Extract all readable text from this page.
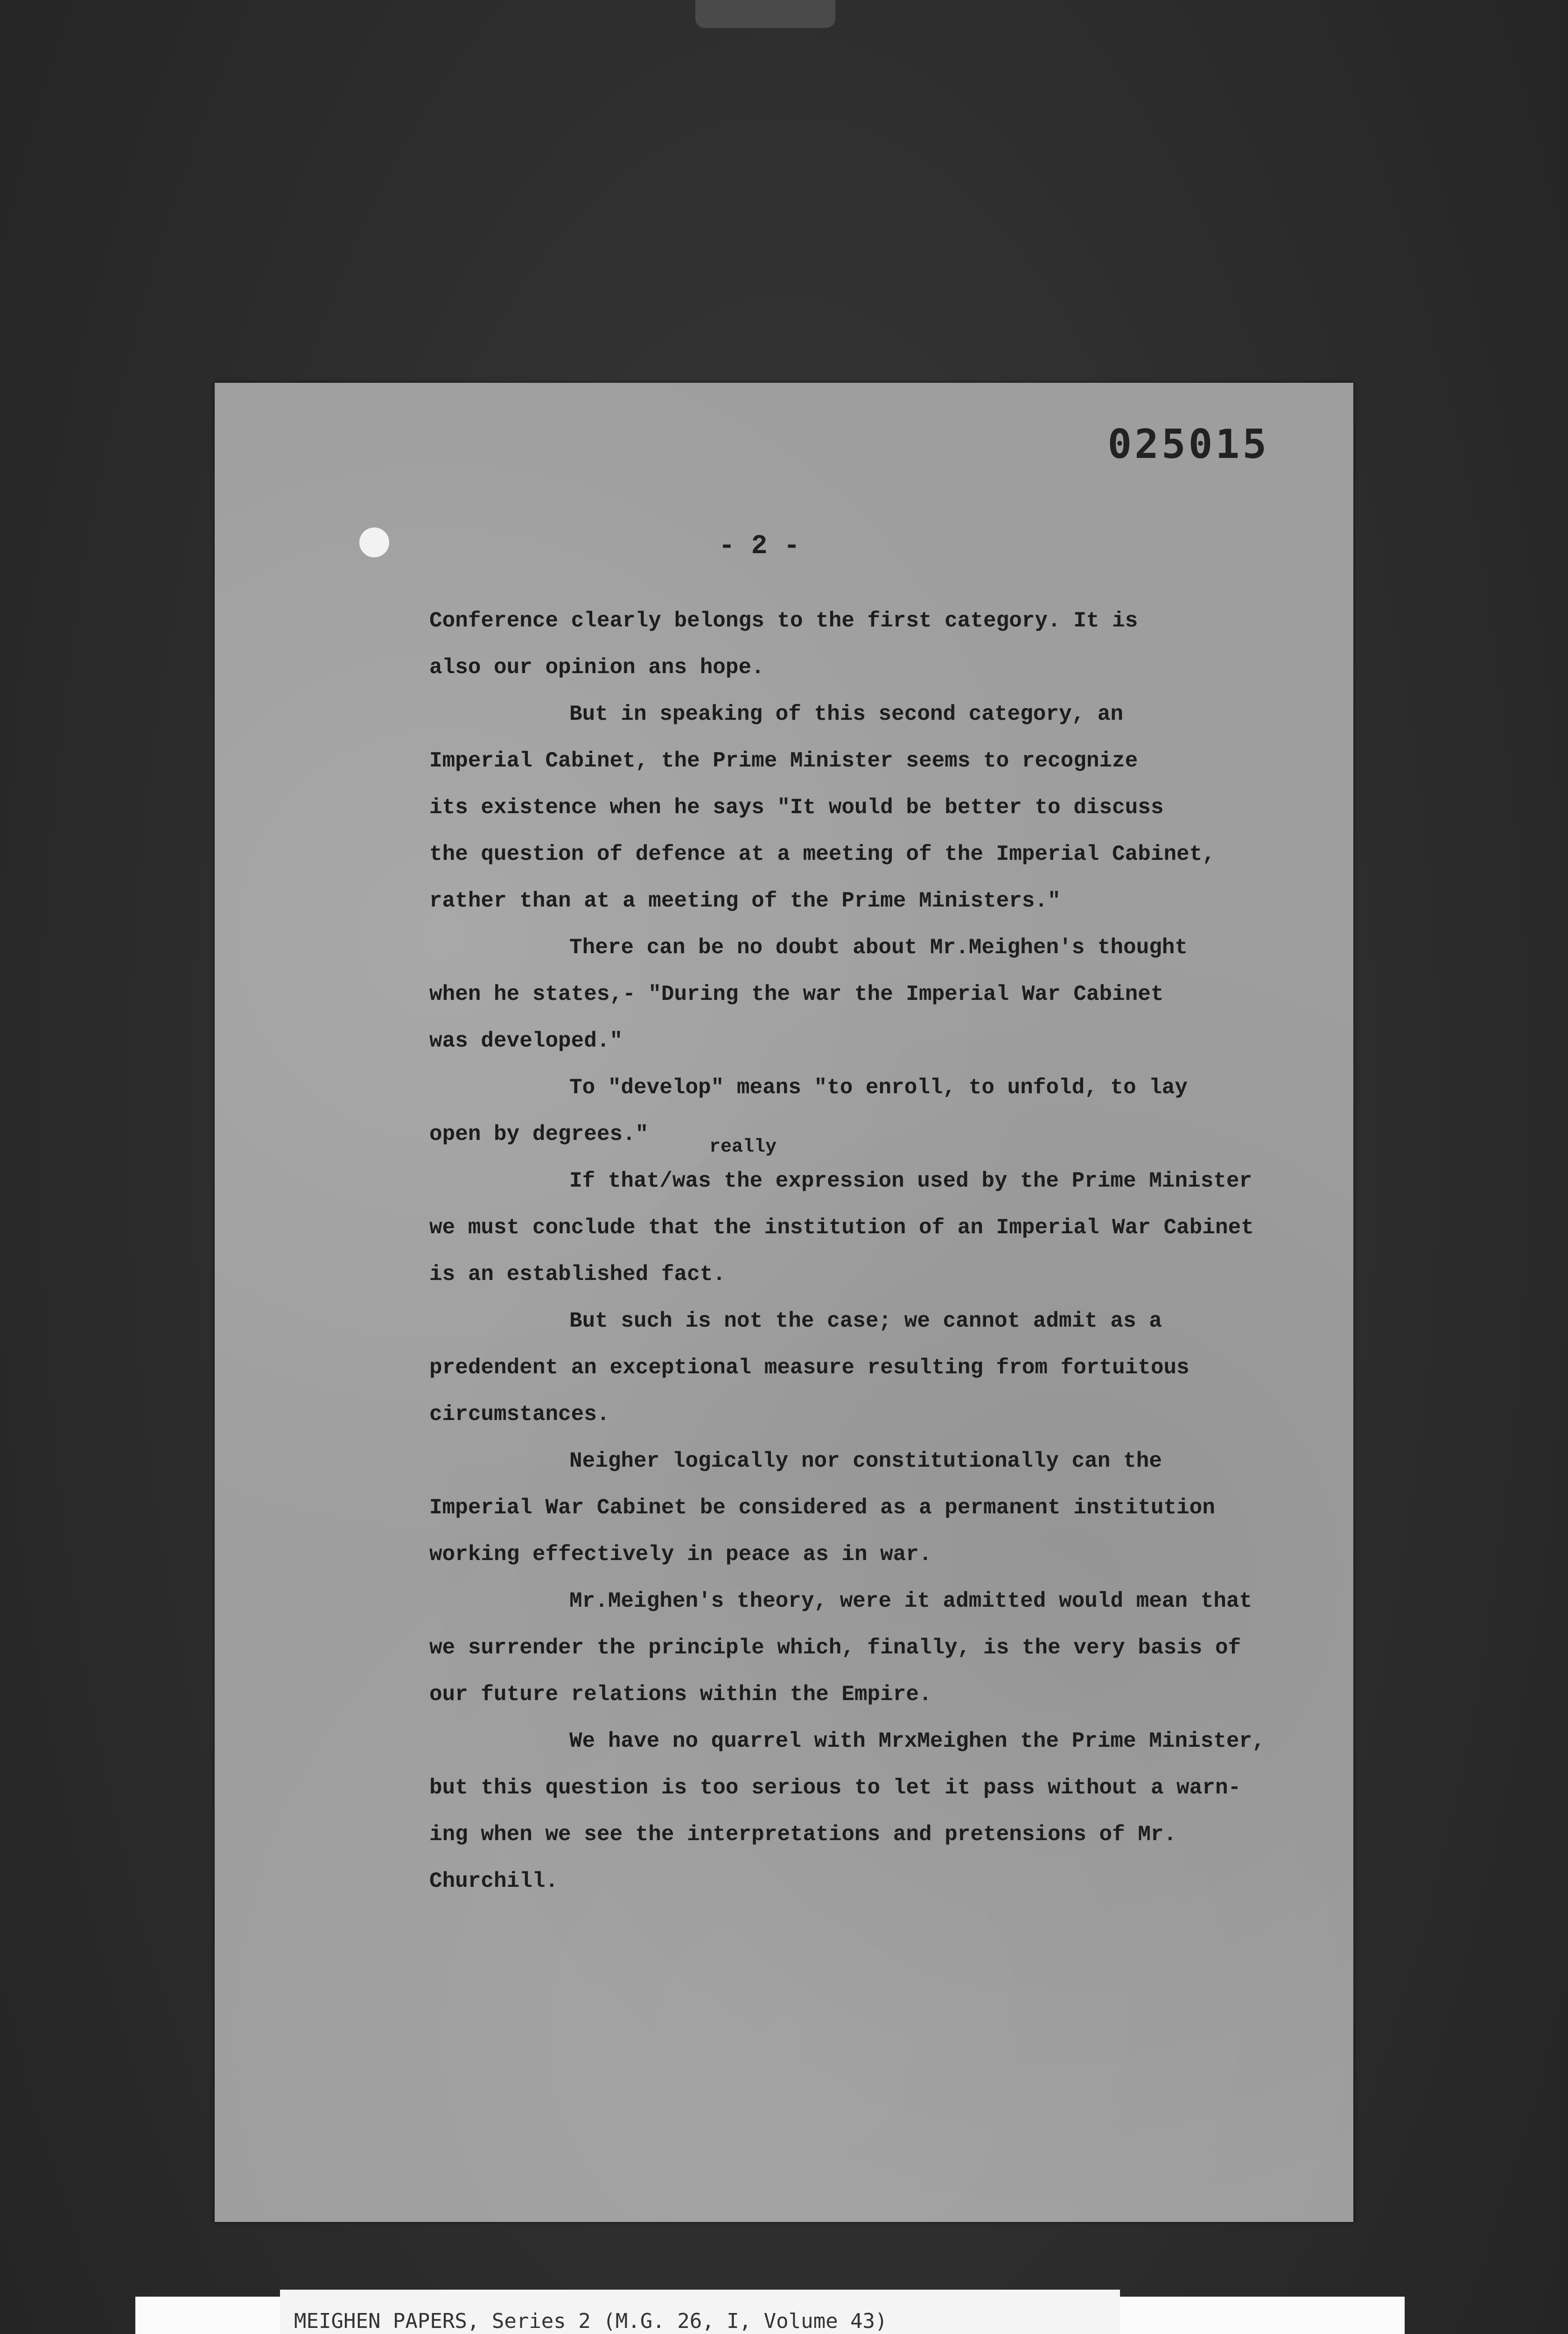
025015
- 2 -

Conference clearly belongs to the first category. It is
also our opinion ans hope.

But in speaking of this second category, an
Imperial Cabinet, the Prime Minister seems to recognize
its existence when he says "It would be better to discuss
the question of defence at a meeting of the Imperial Cabinet,
rather than at a meeting of the Prime Ministers."

There can be no doubt about Mr.Meighen's thought
when he states,- "During the war the Imperial War Cabinet
was developed."

To "develop" means "to enroll, to unfold, to lay
open by degrees."

really
If that/was the expression used by the Prime Minister
we must conclude that the institution of an Imperial War Cabinet
is an established fact.

But such is not the case; we cannot admit as a
predendent an exceptional measure resulting from fortuitous
circumstances.

Neigher logically nor constitutionally can the
Imperial War Cabinet be considered as a permanent institution
working effectively in peace as in war.

Mr.Meighen's theory, were it admitted would mean that
we surrender the principle which, finally, is the very basis of
our future relations within the Empire.

We have no quarrel with MrxMeighen the Prime Minister,
but this question is too serious to let it pass without a warn-
ing when we see the interpretations and pretensions of Mr.
Churchill.

MEIGHEN PAPERS, Series 2 (M.G. 26, I, Volume 43)
